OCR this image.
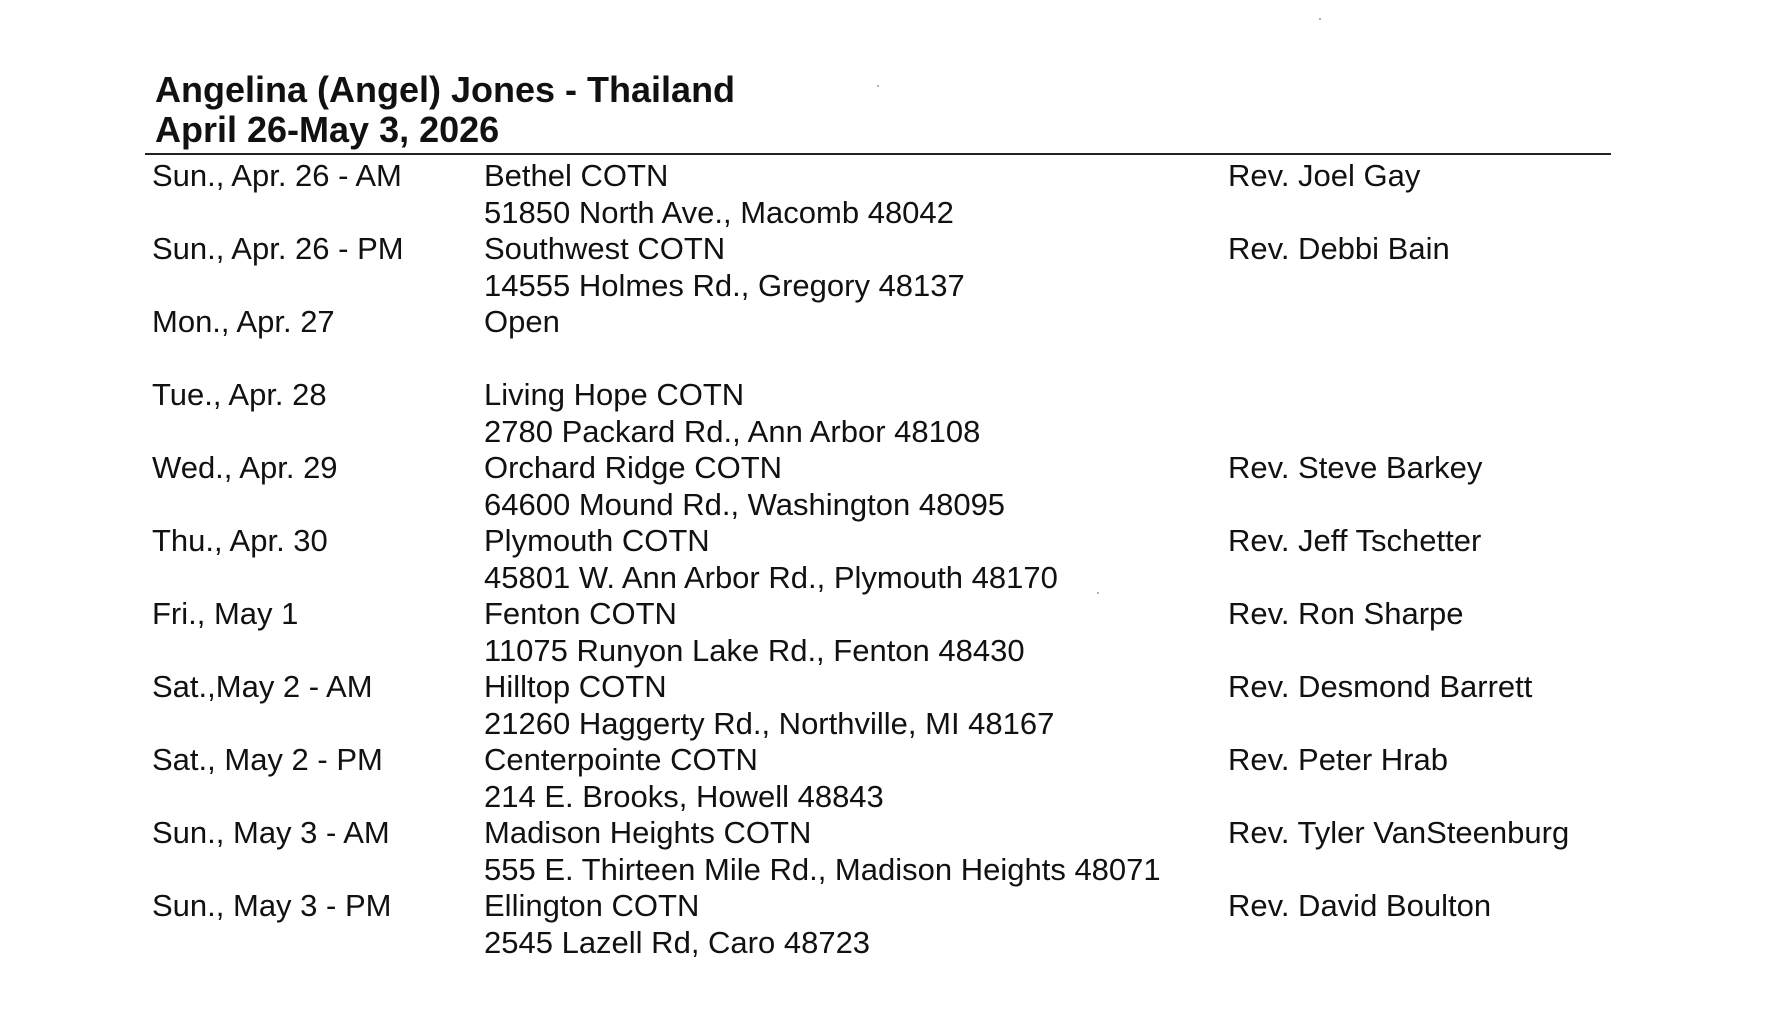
Angelina (Angel) Jones - Thailand
April 26-May 3, 2026
Sun., Apr. 26 - AM	Bethel COTN
51850 North Ave., Macomb 48042
Rev. Joel Gay
Sun., Apr. 26 - PM	Southwest COTN
14555 Holmes Rd., Gregory 48137
Rev. Debbi Bain
Mon., Apr. 27	Open
Tue., Apr. 28	Living Hope COTN
2780 Packard Rd., Ann Arbor 48108
Wed., Apr. 29	Orchard Ridge COTN
64600 Mound Rd., Washington 48095
Rev. Steve Barkey
Thu., Apr. 30	Plymouth COTN
45801 W. Ann Arbor Rd., Plymouth 48170
Rev. Jeff Tschetter
Fri., May 1	Fenton COTN
11075 Runyon Lake Rd., Fenton 48430
Rev. Ron Sharpe
Sat.,May 2 - AM	Hilltop COTN
21260 Haggerty Rd., Northville, MI 48167
Rev. Desmond Barrett
Sat., May 2 - PM	Centerpointe COTN
214 E. Brooks, Howell 48843
Rev. Peter Hrab
Sun., May 3 - AM	Madison Heights COTN
555 E. Thirteen Mile Rd., Madison Heights 48071
Rev. Tyler VanSteenburg
Sun., May 3 - PM	Ellington COTN
2545 Lazell Rd, Caro 48723
Rev. David Boulton
